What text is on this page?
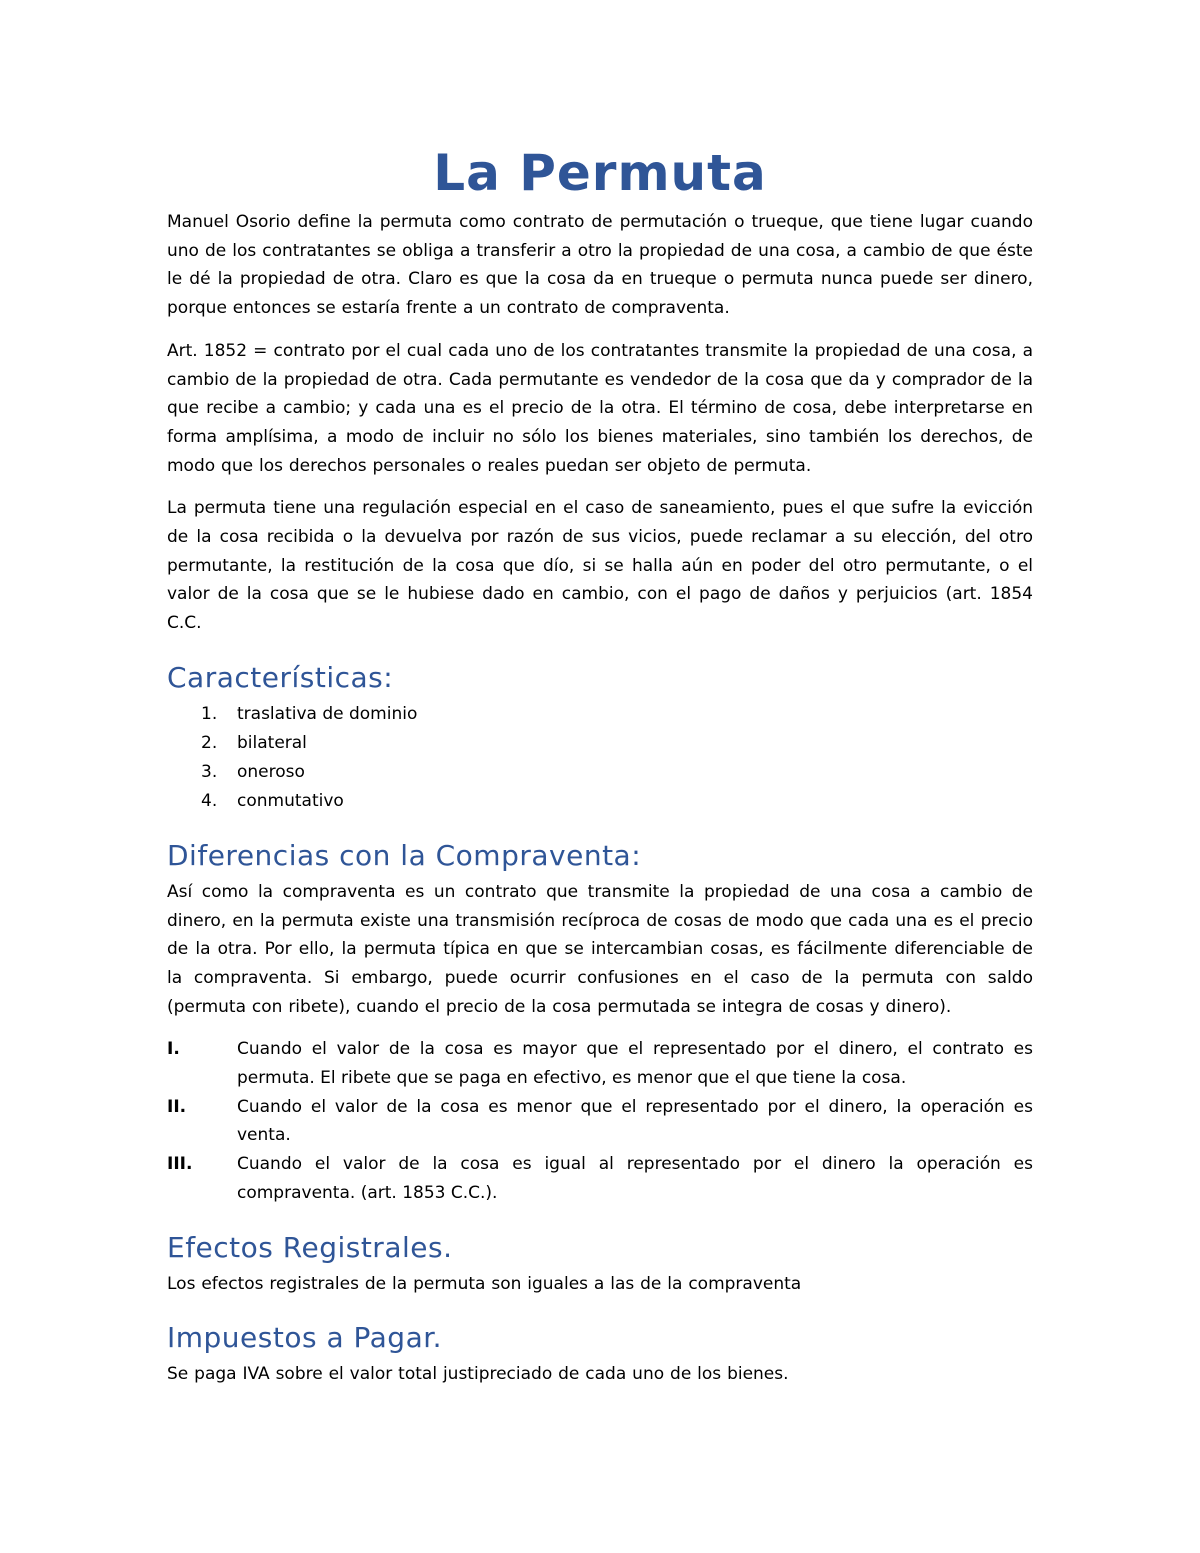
La Permuta

Manuel Osorio define la permuta como contrato de permutación o trueque, que tiene lugar cuando uno de los contratantes se obliga a transferir a otro la propiedad de una cosa, a cambio de que éste le dé la propiedad de otra. Claro es que la cosa da en trueque o permuta nunca puede ser dinero, porque entonces se estaría frente a un contrato de compraventa.

Art. 1852 = contrato por el cual cada uno de los contratantes transmite la propiedad de una cosa, a cambio de la propiedad de otra. Cada permutante es vendedor de la cosa que da y comprador de la que recibe a cambio; y cada una es el precio de la otra. El término de cosa, debe interpretarse en forma amplísima, a modo de incluir no sólo los bienes materiales, sino también los derechos, de modo que los derechos personales o reales puedan ser objeto de permuta.

La permuta tiene una regulación especial en el caso de saneamiento, pues el que sufre la evicción de la cosa recibida o la devuelva por razón de sus vicios, puede reclamar a su elección, del otro permutante, la restitución de la cosa que dío, si se halla aún en poder del otro permutante, o el valor de la cosa que se le hubiese dado en cambio, con el pago de daños y perjuicios (art. 1854 C.C.

Características:
1. traslativa de dominio
2. bilateral
3. oneroso
4. conmutativo
Diferencias con la Compraventa:

Así como la compraventa es un contrato que transmite la propiedad de una cosa a cambio de dinero, en la permuta existe una transmisión recíproca de cosas de modo que cada una es el precio de la otra. Por ello, la permuta típica en que se intercambian cosas, es fácilmente diferenciable de la compraventa. Si embargo, puede ocurrir confusiones en el caso de la permuta con saldo (permuta con ribete), cuando el precio de la cosa permutada se integra de cosas y dinero).

I.	Cuando el valor de la cosa es mayor que el representado por el dinero, el contrato es permuta. El ribete que se paga en efectivo, es menor que el que tiene la cosa.
II.	Cuando el valor de la cosa es menor que el representado por el dinero, la operación es venta.
III.	Cuando el valor de la cosa es igual al representado por el dinero la operación es compraventa. (art. 1853 C.C.).
Efectos Registrales.

Los efectos registrales de la permuta son iguales a las de la compraventa

Impuestos a Pagar.

Se paga IVA sobre el valor total justipreciado de cada uno de los bienes.
